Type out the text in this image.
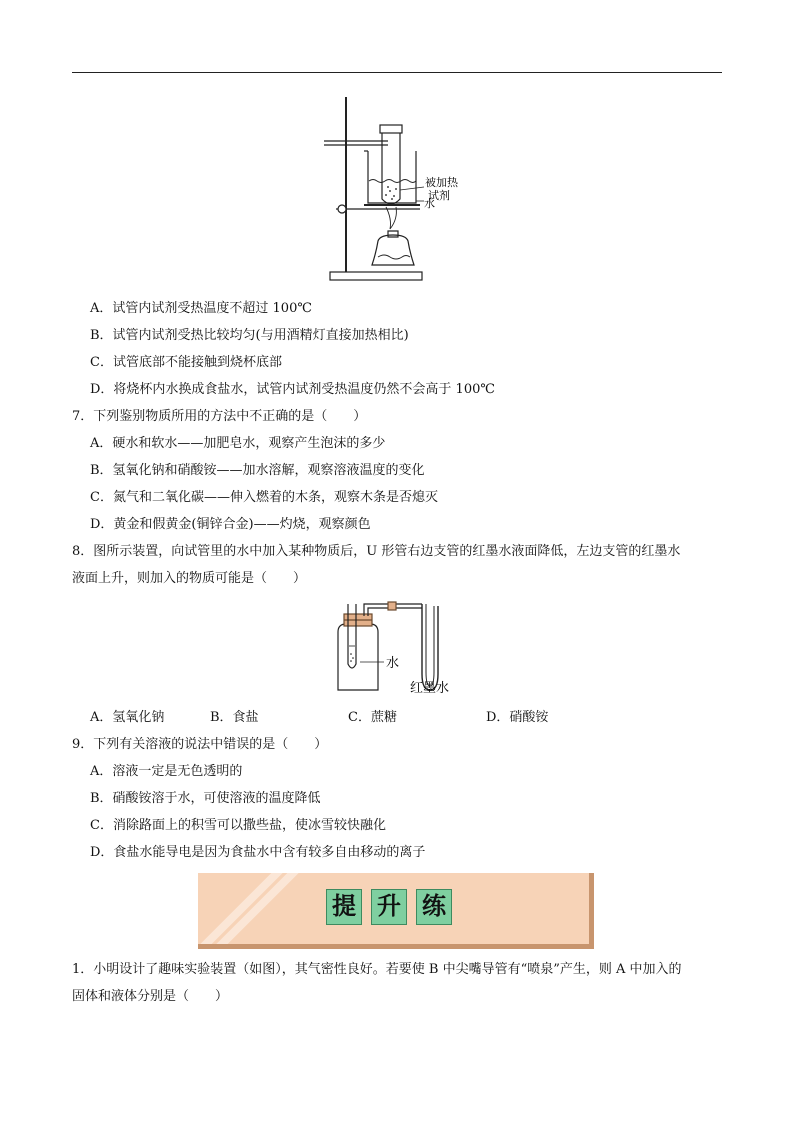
被加热
试剂
水
A．试管内试剂受热温度不超过 100℃
B．试管内试剂受热比较均匀(与用酒精灯直接加热相比)
C．试管底部不能接触到烧杯底部
D．将烧杯内水换成食盐水，试管内试剂受热温度仍然不会高于 100℃
7．下列鉴别物质所用的方法中不正确的是（　　）
A．硬水和软水——加肥皂水，观察产生泡沫的多少
B．氢氧化钠和硝酸铵——加水溶解，观察溶液温度的变化
C．氮气和二氧化碳——伸入燃着的木条，观察木条是否熄灭
D．黄金和假黄金(铜锌合金)——灼烧，观察颜色
8．图所示装置，向试管里的水中加入某种物质后，U 形管右边支管的红墨水液面降低，左边支管的红墨水
液面上升，则加入的物质可能是（　　）
水
红墨水
A．氢氧化钠	B．食盐	C．蔗糖	D．硝酸铵
9．下列有关溶液的说法中错误的是（　　）
A．溶液一定是无色透明的
B．硝酸铵溶于水，可使溶液的温度降低
C．消除路面上的积雪可以撒些盐，使冰雪较快融化
D．食盐水能导电是因为食盐水中含有较多自由移动的离子
提 升 练
1．小明设计了趣味实验装置（如图），其气密性良好。若要使 B 中尖嘴导管有“喷泉”产生，则 A 中加入的
固体和液体分别是（　　）
